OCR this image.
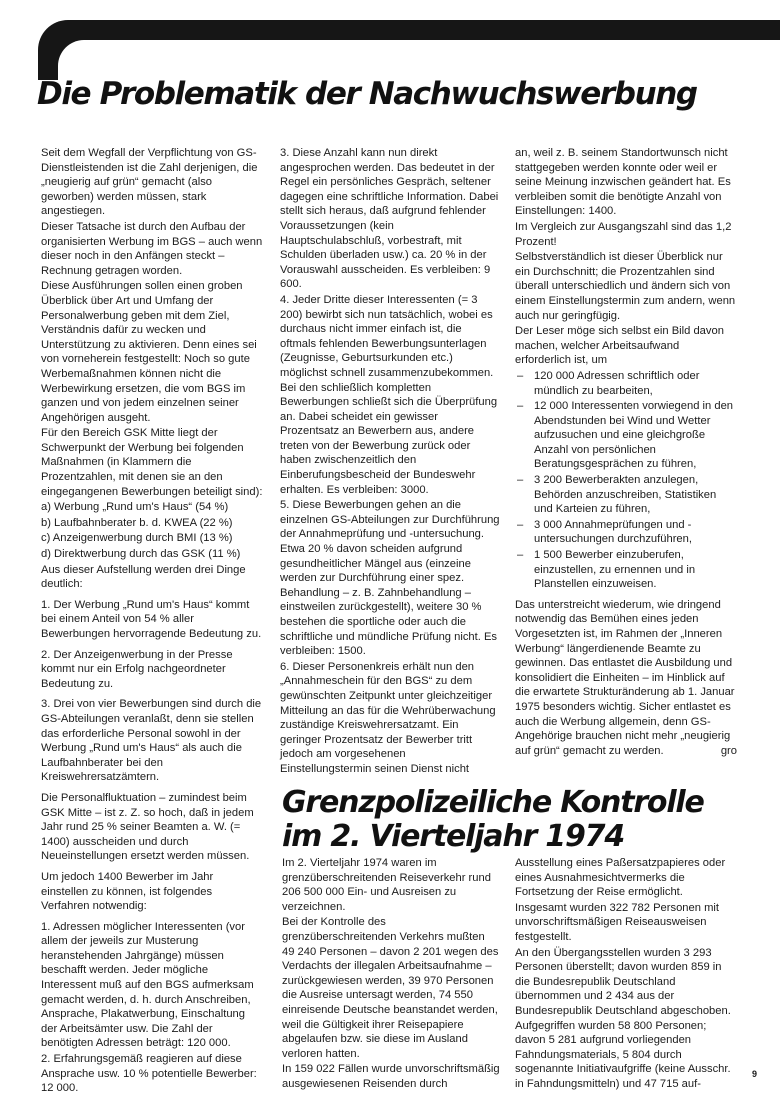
Die Problematik der Nachwuchswerbung

Seit dem Wegfall der Verpflichtung von GS-Dienstleistenden ist die Zahl derjenigen, die „neugierig auf grün“ gemacht (also geworben) werden müssen, stark angestiegen.

Dieser Tatsache ist durch den Aufbau der organisierten Werbung im BGS – auch wenn dieser noch in den Anfängen steckt – Rechnung getragen worden.

Diese Ausführungen sollen einen groben Überblick über Art und Umfang der Personalwerbung geben mit dem Ziel, Verständnis dafür zu wecken und Unterstützung zu aktivieren. Denn eines sei von vorneherein festgestellt: Noch so gute Werbemaßnahmen können nicht die Werbewirkung ersetzen, die vom BGS im ganzen und von jedem einzelnen seiner Angehörigen ausgeht.

Für den Bereich GSK Mitte liegt der Schwerpunkt der Werbung bei folgenden Maßnahmen (in Klammern die Prozentzahlen, mit denen sie an den eingegangenen Bewerbungen beteiligt sind):

a) Werbung „Rund um's Haus“ (54 %)

b) Laufbahnberater b. d. KWEA (22 %)

c) Anzeigenwerbung durch BMI (13 %)

d) Direktwerbung durch das GSK (11 %)

Aus dieser Aufstellung werden drei Dinge deutlich:

1. Der Werbung „Rund um's Haus“ kommt bei einem Anteil von 54 % aller Bewerbungen hervorragende Bedeutung zu.

2. Der Anzeigenwerbung in der Presse kommt nur ein Erfolg nachgeordneter Bedeutung zu.

3. Drei von vier Bewerbungen sind durch die GS-Abteilungen veranlaßt, denn sie stellen das erforderliche Personal sowohl in der Werbung „Rund um's Haus“ als auch die Laufbahnberater bei den Kreiswehrersatzämtern.

Die Personalfluktuation – zumindest beim GSK Mitte – ist z. Z. so hoch, daß in jedem Jahr rund 25 % seiner Beamten a. W. (= 1400) ausscheiden und durch Neueinstellungen ersetzt werden müssen.

Um jedoch 1400 Bewerber im Jahr einstellen zu können, ist folgendes Verfahren notwendig:

1. Adressen möglicher Interessenten (vor allem der jeweils zur Musterung heranstehenden Jahrgänge) müssen beschafft werden. Jeder mögliche Interessent muß auf den BGS aufmerksam gemacht werden, d. h. durch Anschreiben, Ansprache, Plakatwerbung, Einschaltung der Arbeitsämter usw. Die Zahl der benötigten Adressen beträgt: 120 000.

2. Erfahrungsgemäß reagieren auf diese Ansprache usw. 10 % potentielle Bewerber: 12 000.

3. Diese Anzahl kann nun direkt angesprochen werden. Das bedeutet in der Regel ein persönliches Gespräch, seltener dagegen eine schriftliche Information. Dabei stellt sich heraus, daß aufgrund fehlender Voraussetzungen (kein Hauptschulabschluß, vorbestraft, mit Schulden überladen usw.) ca. 20 % in der Vorauswahl ausscheiden. Es verbleiben: 9 600.

4. Jeder Dritte dieser Interessenten (= 3 200) bewirbt sich nun tatsächlich, wobei es durchaus nicht immer einfach ist, die oftmals fehlenden Bewerbungsunterlagen (Zeugnisse, Geburtsurkunden etc.) möglichst schnell zusammenzubekommen. Bei den schließlich kompletten Bewerbungen schließt sich die Überprüfung an. Dabei scheidet ein gewisser Prozentsatz an Bewerbern aus, andere treten von der Bewerbung zurück oder haben zwischenzeitlich den Einberufungsbescheid der Bundeswehr erhalten. Es verbleiben: 3000.

5. Diese Bewerbungen gehen an die einzelnen GS-Abteilungen zur Durchführung der Annahmeprüfung und -untersuchung. Etwa 20 % davon scheiden aufgrund gesundheitlicher Mängel aus (einzeine werden zur Durchführung einer spez. Behandlung – z. B. Zahnbehandlung – einstweilen zurückgestellt), weitere 30 % bestehen die sportliche oder auch die schriftliche und mündliche Prüfung nicht. Es verbleiben: 1500.

6. Dieser Personenkreis erhält nun den „Annahmeschein für den BGS“ zu dem gewünschten Zeitpunkt unter gleichzeitiger Mitteilung an das für die Wehrüberwachung zuständige Kreiswehrersatzamt. Ein geringer Prozentsatz der Bewerber tritt jedoch am vorgesehenen Einstellungstermin seinen Dienst nicht

an, weil z. B. seinem Standortwunsch nicht stattgegeben werden konnte oder weil er seine Meinung inzwischen geändert hat. Es verbleiben somit die benötigte Anzahl von Einstellungen: 1400.

Im Vergleich zur Ausgangszahl sind das 1,2 Prozent!

Selbstverständlich ist dieser Überblick nur ein Durchschnitt; die Prozentzahlen sind überall unterschiedlich und ändern sich von einem Einstellungstermin zum andern, wenn auch nur geringfügig.

Der Leser möge sich selbst ein Bild davon machen, welcher Arbeitsaufwand erforderlich ist, um

– 120 000 Adressen schriftlich oder mündlich zu bearbeiten,
– 12 000 Interessenten vorwiegend in den Abendstunden bei Wind und Wetter aufzusuchen und eine gleichgroße Anzahl von persönlichen Beratungsgesprächen zu führen,
– 3 200 Bewerberakten anzulegen, Behörden anzuschreiben, Statistiken und Karteien zu führen,
– 3 000 Annahmeprüfungen und -untersuchungen durchzuführen,
– 1 500 Bewerber einzuberufen, einzustellen, zu ernennen und in Planstellen einzuweisen.

Das unterstreicht wiederum, wie dringend notwendig das Bemühen eines jeden Vorgesetzten ist, im Rahmen der „Inneren Werbung“ längerdienende Beamte zu gewinnen. Das entlastet die Ausbildung und konsolidiert die Einheiten – im Hinblick auf die erwartete Strukturänderung ab 1. Januar 1975 besonders wichtig. Sicher entlastet es auch die Werbung allgemein, denn GS-Angehörige brauchen nicht mehr „neugierig auf grün“ gemacht zu werden.	gro

Grenzpolizeiliche Kontrolle
im 2. Vierteljahr 1974

Im 2. Vierteljahr 1974 waren im grenzüberschreitenden Reiseverkehr rund 206 500 000 Ein- und Ausreisen zu verzeichnen.

Bei der Kontrolle des grenzüberschreitenden Verkehrs mußten 49 240 Personen – davon 2 201 wegen des Verdachts der illegalen Arbeitsaufnahme – zurückgewiesen werden, 39 970 Personen die Ausreise untersagt werden, 74 550 einreisende Deutsche beanstandet werden, weil die Gültigkeit ihrer Reisepapiere abgelaufen bzw. sie diese im Ausland verloren hatten.

In 159 022 Fällen wurde unvorschriftsmäßig ausgewiesenen Reisenden durch

Ausstellung eines Paßersatzpapieres oder eines Ausnahmesichtvermerks die Fortsetzung der Reise ermöglicht.

Insgesamt wurden 322 782 Personen mit unvorschriftsmäßigen Reiseausweisen festgestellt.

An den Übergangsstellen wurden 3 293 Personen überstellt; davon wurden 859 in die Bundesrepublik Deutschland übernommen und 2 434 aus der Bundesrepublik Deutschland abgeschoben. Aufgegriffen wurden 58 800 Personen; davon 5 281 aufgrund vorliegenden Fahndungsmaterials, 5 804 durch sogenannte Initiativaufgriffe (keine Ausschr. in Fahndungsmitteln) und 47 715 auf-

9
